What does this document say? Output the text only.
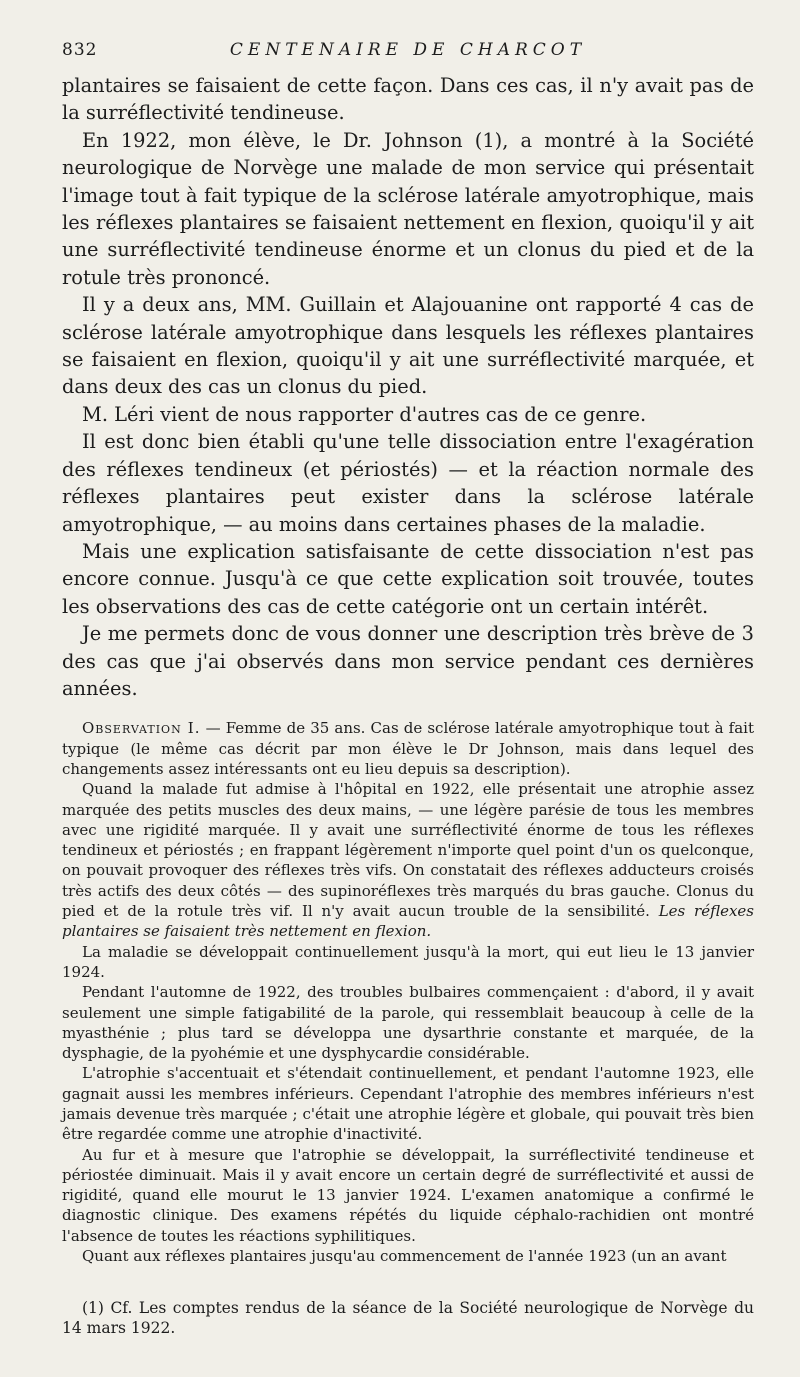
832	CENTENAIRE DE CHARCOT

plantaires se faisaient de cette façon. Dans ces cas, il n'y avait pas de la surréflectivité tendineuse.

En 1922, mon élève, le Dr. Johnson (1), a montré à la Société neurologique de Norvège une malade de mon service qui présentait l'image tout à fait typique de la sclérose latérale amyotrophique, mais les réflexes plantaires se faisaient nettement en flexion, quoiqu'il y ait une surréflectivité tendineuse énorme et un clonus du pied et de la rotule très prononcé.

Il y a deux ans, MM. Guillain et Alajouanine ont rapporté 4 cas de sclérose latérale amyotrophique dans lesquels les réflexes plantaires se faisaient en flexion, quoiqu'il y ait une surréflectivité marquée, et dans deux des cas un clonus du pied.

M. Léri vient de nous rapporter d'autres cas de ce genre.

Il est donc bien établi qu'une telle dissociation entre l'exagération des réflexes tendineux (et périostés) — et la réaction normale des réflexes plantaires peut exister dans la sclérose latérale amyotrophique, — au moins dans certaines phases de la maladie.

Mais une explication satisfaisante de cette dissociation n'est pas encore connue. Jusqu'à ce que cette explication soit trouvée, toutes les observations des cas de cette catégorie ont un certain intérêt.

Je me permets donc de vous donner une description très brève de 3 des cas que j'ai observés dans mon service pendant ces dernières années.

Observation I. — Femme de 35 ans. Cas de sclérose latérale amyotrophique tout à fait typique (le même cas décrit par mon élève le Dr Johnson, mais dans lequel des changements assez intéressants ont eu lieu depuis sa description).

Quand la malade fut admise à l'hôpital en 1922, elle présentait une atrophie assez marquée des petits muscles des deux mains, — une légère parésie de tous les membres avec une rigidité marquée. Il y avait une surréflectivité énorme de tous les réflexes tendineux et périostés ; en frappant légèrement n'importe quel point d'un os quelconque, on pouvait provoquer des réflexes très vifs. On constatait des réflexes adducteurs croisés très actifs des deux côtés — des supinoréflexes très marqués du bras gauche. Clonus du pied et de la rotule très vif. Il n'y avait aucun trouble de la sensibilité. Les réflexes plantaires se faisaient très nettement en flexion.

La maladie se développait continuellement jusqu'à la mort, qui eut lieu le 13 janvier 1924.

Pendant l'automne de 1922, des troubles bulbaires commençaient : d'abord, il y avait seulement une simple fatigabilité de la parole, qui ressemblait beaucoup à celle de la myasthénie ; plus tard se développa une dysarthrie constante et marquée, de la dysphagie, de la pyohémie et une dysphycardie considérable.

L'atrophie s'accentuait et s'étendait continuellement, et pendant l'automne 1923, elle gagnait aussi les membres inférieurs. Cependant l'atrophie des membres inférieurs n'est jamais devenue très marquée ; c'était une atrophie légère et globale, qui pouvait très bien être regardée comme une atrophie d'inactivité.

Au fur et à mesure que l'atrophie se développait, la surréflectivité tendineuse et périostée diminuait. Mais il y avait encore un certain degré de surréflectivité et aussi de rigidité, quand elle mourut le 13 janvier 1924. L'examen anatomique a confirmé le diagnostic clinique. Des examens répétés du liquide céphalo-rachidien ont montré l'absence de toutes les réactions syphilitiques.

Quant aux réflexes plantaires jusqu'au commencement de l'année 1923 (un an avant

(1) Cf. Les comptes rendus de la séance de la Société neurologique de Norvège du 14 mars 1922.
